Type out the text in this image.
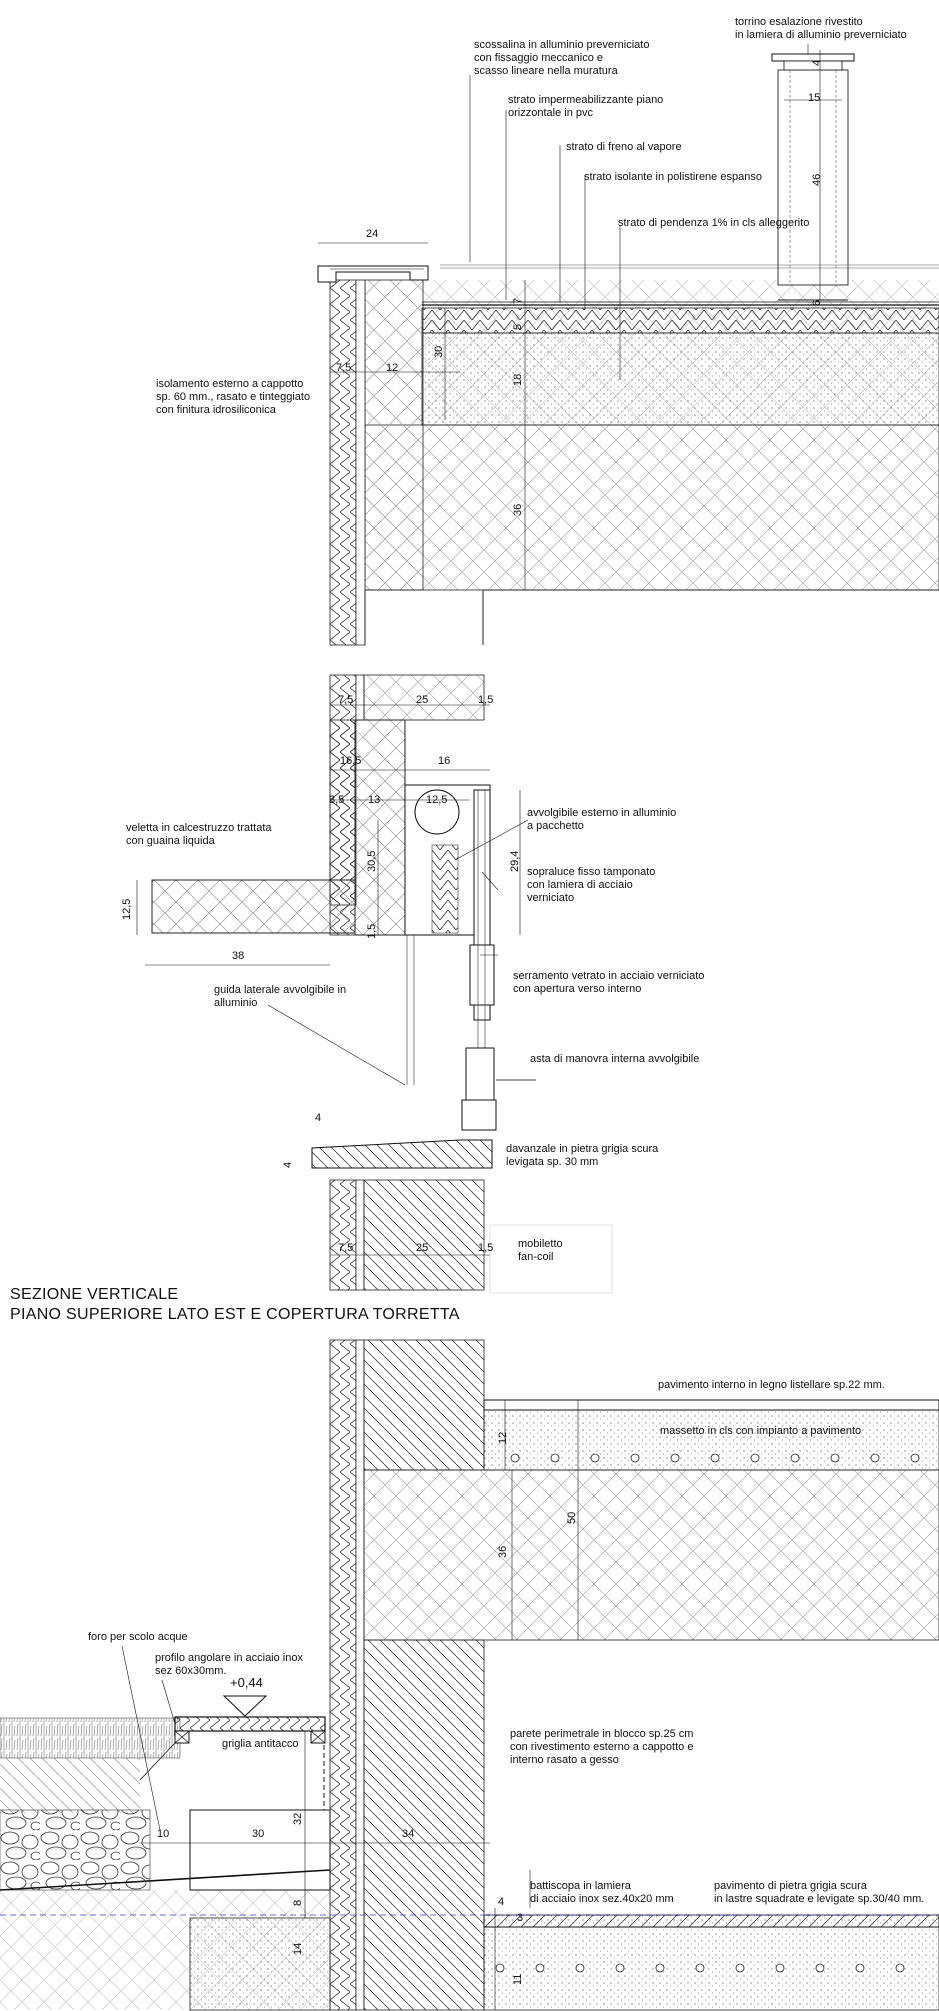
SEZIONE VERTICALE
PIANO SUPERIORE LATO EST E COPERTURA TORRETTA
torrino esalazione rivestito
in lamiera di alluminio preverniciato
scossalina in alluminio preverniciato
con fissaggio meccanico e
scasso lineare nella muratura
strato impermeabilizzante piano
orizzontale in pvc
strato di freno al vapore
strato isolante in polistirene espanso
strato di pendenza 1% in cls alleggerito
isolamento esterno a cappotto
sp. 60 mm., rasato e tinteggiato
con finitura idrosiliconica
veletta in calcestruzzo trattata
con guaina liquida
avvolgibile esterno in alluminio
a pacchetto
sopraluce fisso tamponato
con lamiera di acciaio
verniciato
serramento vetrato in acciaio verniciato
con apertura verso interno
guida laterale avvolgibile in
alluminio
asta di manovra interna avvolgibile
davanzale in pietra grigia scura
levigata sp. 30 mm
mobiletto
fan-coil
pavimento interno in legno listellare sp.22 mm.
massetto in cls con impianto a pavimento
foro per scolo acque
profilo angolare in acciaio inox
sez 60x30mm.
+0,44
griglia antitacco
parete perimetrale in blocco sp.25 cm
con rivestimento esterno a cappotto e
interno rasato a gesso
battiscopa in lamiera
di acciaio inox sez.40x20 mm
pavimento di pietra grigia scura
in lastre squadrate e levigate sp.30/40 mm.
24
4
15
46
6
7
5
30
18
7,5	12
36
7,5	25	1,5
16,5	16
3,5 13	12,5
30,5	29,4
12,5
1,5
38
4
4
7,5	25	1,5
12
50
36
10	30	34
32
8
14
4
3
11
